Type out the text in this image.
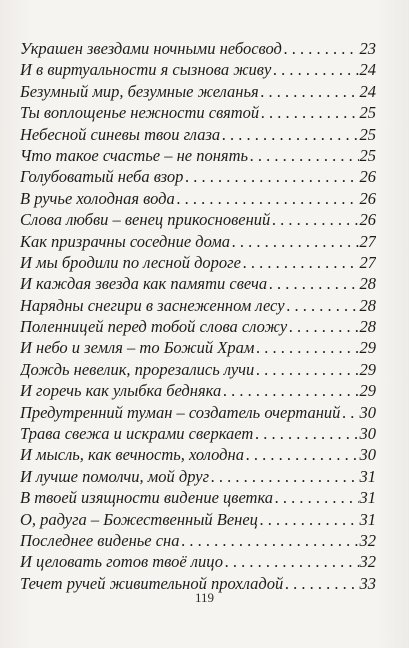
Украшен звездами ночными небосвод . . .	23
И в виртуальности я сызнова живу . . .	24
Безумный мир, безумные желанья . . .	24
Ты воплощенье нежности святой . . .	25
Небесной синевы твои глаза . . .	25
Что такое счастье – не понять . . .	25
Голубоватый неба взор . . .	26
В ручье холодная вода . . .	26
Слова любви – венец прикосновений . . .	26
Как призрачны соседние дома . . .	27
И мы бродили по лесной дороге . . .	27
И каждая звезда как памяти свеча . . .	28
Нарядны снегири в заснеженном лесу . . .	28
Поленницей перед тобой слова сложу . . .	28
И небо и земля – то Божий Храм . . .	29
Дождь невелик, прорезались лучи . . .	29
И горечь как улыбка бедняка . . .	29
Предутренний туман – создатель очертаний . . . 30
Трава свежа и искрами сверкает . . .	30
И мысль, как вечность, холодна . . .	30
И лучше помолчи, мой друг . . .	31
В твоей изящности видение цветка . . .	31
О, радуга – Божественный Венец . . .	31
Последнее виденье сна . . .	32
И целовать готов твоё лицо . . .	32
Течет ручей живительной прохладой . . .	33
119
